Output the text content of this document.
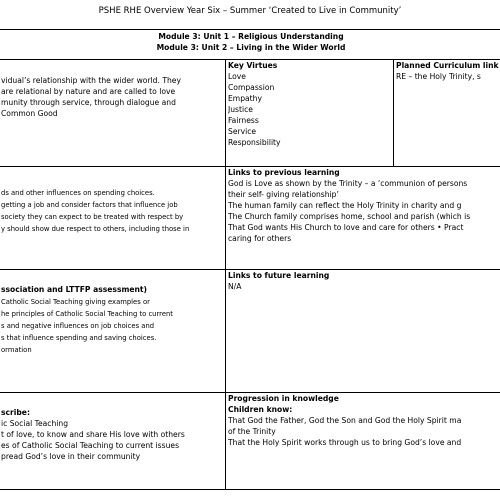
PSHE RHE Overview Year Six – Summer ‘Created to Live in Community’
Module 3: Unit 1 – Religious Understanding
Module 3: Unit 2 – Living in the Wider World
vidual’s relationship with the wider world. They
are relational by nature and are called to love
munity through service, through dialogue and
Common Good
Key Virtues
Love
Compassion
Empathy
Justice
Fairness
Service
Responsibility
Planned Curriculum link
RE – the Holy Trinity, s
ds and other influences on spending choices.
getting a job and consider factors that influence job
society they can expect to be treated with respect by
y should show due respect to others, including those in
Links to previous learning
God is Love as shown by the Trinity – a ‘communion of persons
their self- giving relationship’
The human family can reflect the Holy Trinity in charity and g
The Church family comprises home, school and parish (which is
That God wants His Church to love and care for others • Pract
caring for others
ssociation and LTTFP assessment)
Catholic Social Teaching giving examples or
he principles of Catholic Social Teaching to current
s and negative influences on job choices and
s that influence spending and saving choices.
ormation
Links to future learning
N/A
scribe:
ic Social Teaching
t of love, to know and share His love with others
es of Catholic Social Teaching to current issues
pread God’s love in their community
Progression in knowledge
Children know:
That God the Father, God the Son and God the Holy Spirit ma
of the Trinity
That the Holy Spirit works through us to bring God’s love and
